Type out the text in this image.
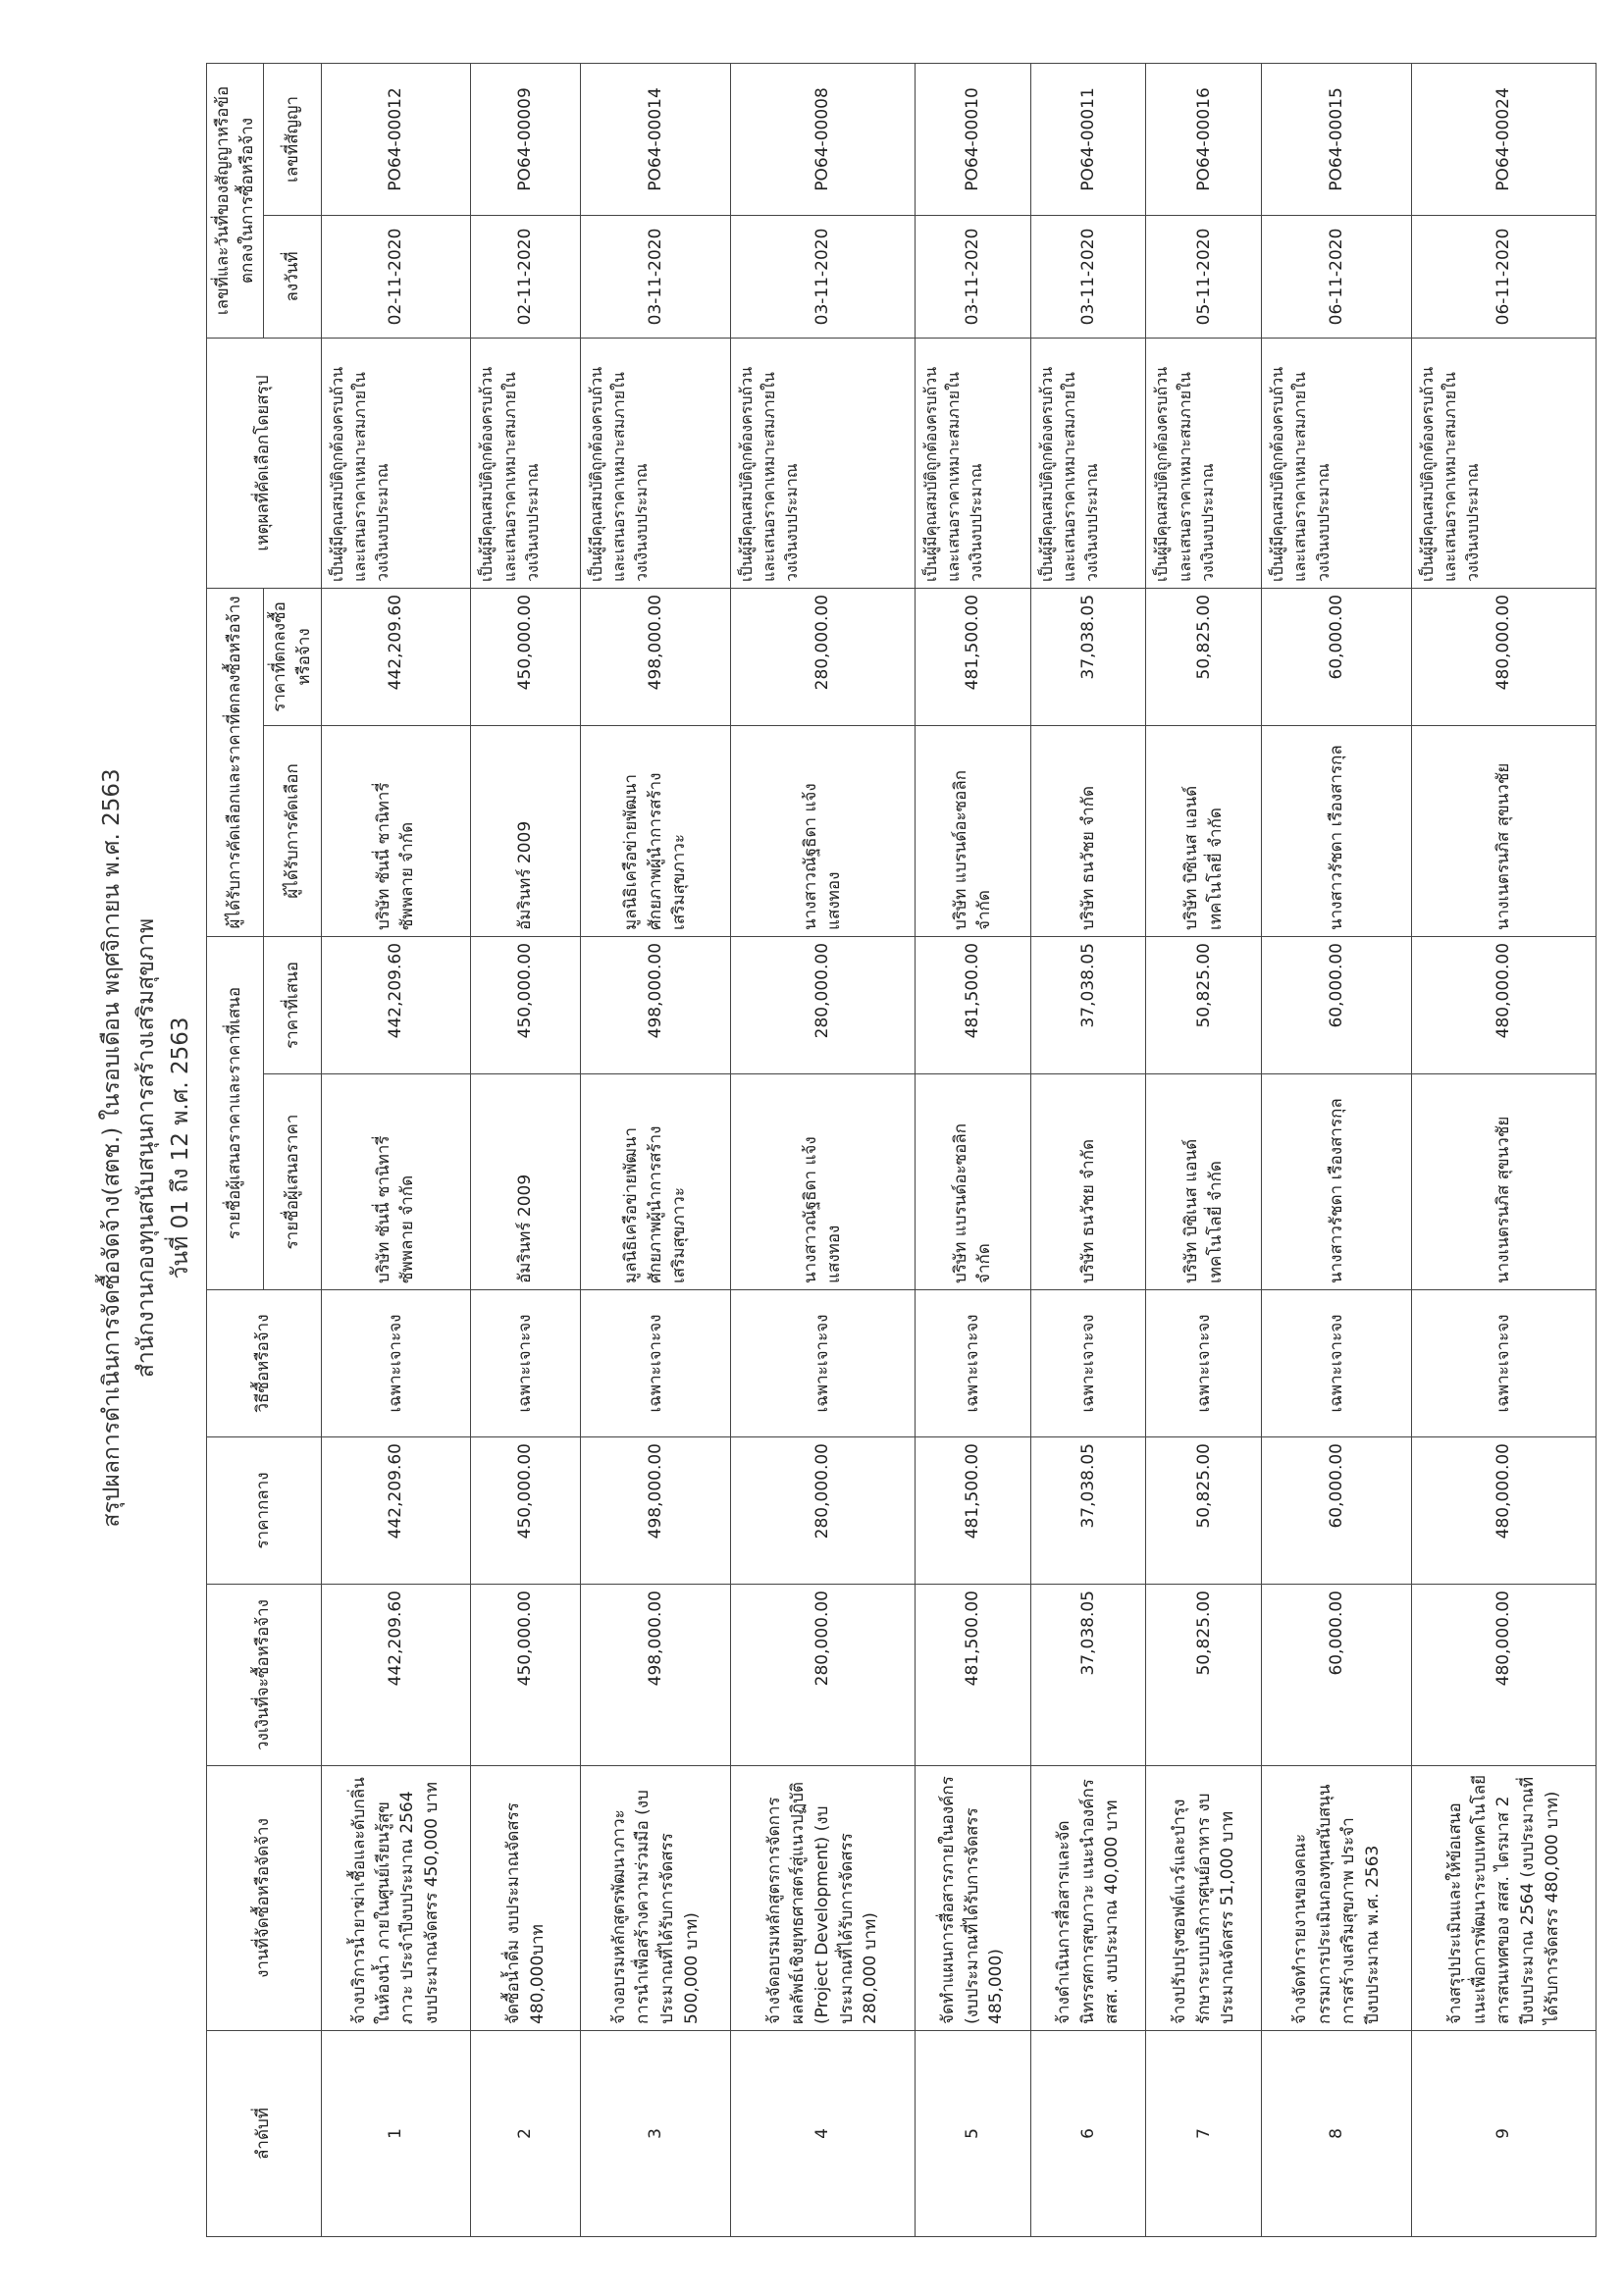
สรุปผลการดำเนินการจัดซื้อจัดจ้าง(สตช.) ในรอบเดือน พฤศจิกายน พ.ศ. 2563 สำนักงานกองทุนสนับสนุนการสร้างเสริมสุขภาพ วันที่ 01 ถึง 12 พ.ศ. 2563
ลำดับที่	งานที่จัดซื้อหรือจัดจ้าง	วงเงินที่จะซื้อหรือจ้าง	ราคากลาง	วิธีซื้อหรือจ้าง	รายชื่อผู้เสนอราคาและราคาที่เสนอ		ผู้ได้รับการคัดเลือกและราคาที่ตกลงซื้อหรือจ้าง		เหตุผลที่คัดเลือกโดยสรุป	เลขที่และวันที่ของสัญญาหรือข้อตกลงในการซื้อหรือจ้าง	
					รายชื่อผู้เสนอราคา	ราคาที่เสนอ	ผู้ได้รับการคัดเลือก	ราคาที่ตกลงซื้อหรือจ้าง		ลงวันที่	เลขที่สัญญา
1	จ้างบริการน้ำยาฆ่าเชื้อและดับกลิ่นในห้องน้ำ ภายในศูนย์เรียนรู้สุขภาวะ ประจำปีงบประมาณ 2564 งบประมาณจัดสรร 450,000 บาท	442,209.60	442,209.60	เฉพาะเจาะจง	บริษัท ซันนี่ ซานิทารี่ ซัพพลาย จำกัด	442,209.60	บริษัท ซันนี่ ซานิทารี่ ซัพพลาย จำกัด	442,209.60	เป็นผู้มีคุณสมบัติถูกต้องครบถ้วน และเสนอราคาเหมาะสมภายในวงเงินงบประมาณ	02-11-2020	PO64-00012
2	จัดซื้อน้ำดื่ม งบประมาณจัดสรร 480,000บาท	450,000.00	450,000.00	เฉพาะเจาะจง	อัมรินทร์ 2009	450,000.00	อัมรินทร์ 2009	450,000.00	เป็นผู้มีคุณสมบัติถูกต้องครบถ้วน และเสนอราคาเหมาะสมภายในวงเงินงบประมาณ	02-11-2020	PO64-00009
3	จ้างอบรมหลักสูตรพัฒนาภาวะการนำเพื่อสร้างความร่วมมือ (งบประมาณที่ได้รับการจัดสรร 500,000 บาท)	498,000.00	498,000.00	เฉพาะเจาะจง	มูลนิธิเครือข่ายพัฒนาศักยภาพผู้นำการสร้างเสริมสุขภาวะ	498,000.00	มูลนิธิเครือข่ายพัฒนาศักยภาพผู้นำการสร้างเสริมสุขภาวะ	498,000.00	เป็นผู้มีคุณสมบัติถูกต้องครบถ้วน และเสนอราคาเหมาะสมภายในวงเงินงบประมาณ	03-11-2020	PO64-00014
4	จ้างจัดอบรมหลักสูตรการจัดการผลลัพธ์เชิงยุทธศาสตร์สู่แนวปฏิบัติ (Project Development) (งบประมาณที่ได้รับการจัดสรร 280,000 บาท)	280,000.00	280,000.00	เฉพาะเจาะจง	นางสาวณัฐธิดา แจ้งแสงทอง	280,000.00	นางสาวณัฐธิดา แจ้งแสงทอง	280,000.00	เป็นผู้มีคุณสมบัติถูกต้องครบถ้วน และเสนอราคาเหมาะสมภายในวงเงินงบประมาณ	03-11-2020	PO64-00008
5	จัดทำแผนการสื่อสารภายในองค์กร (งบประมาณที่ได้รับการจัดสรร 485,000)	481,500.00	481,500.00	เฉพาะเจาะจง	บริษัท แบรนด์อะซอลิก จำกัด	481,500.00	บริษัท แบรนด์อะซอลิก จำกัด	481,500.00	เป็นผู้มีคุณสมบัติถูกต้องครบถ้วน และเสนอราคาเหมาะสมภายในวงเงินงบประมาณ	03-11-2020	PO64-00010
6	จ้างดำเนินการสื่อสารและจัดนิทรรศการสุขภาวะ แนะนำองค์กร สสส. งบประมาณ 40,000 บาท	37,038.05	37,038.05	เฉพาะเจาะจง	บริษัท ธนวัชย จำกัด	37,038.05	บริษัท ธนวัชย จำกัด	37,038.05	เป็นผู้มีคุณสมบัติถูกต้องครบถ้วน และเสนอราคาเหมาะสมภายในวงเงินงบประมาณ	03-11-2020	PO64-00011
7	จ้างปรับปรุงซอฟต์แวร์และบำรุงรักษาระบบบริการศูนย์อาหาร งบประมาณจัดสรร 51,000 บาท	50,825.00	50,825.00	เฉพาะเจาะจง	บริษัท บิซิเนส แอนด์ เทคโนโลยี่ จำกัด	50,825.00	บริษัท บิซิเนส แอนด์ เทคโนโลยี่ จำกัด	50,825.00	เป็นผู้มีคุณสมบัติถูกต้องครบถ้วน และเสนอราคาเหมาะสมภายในวงเงินงบประมาณ	05-11-2020	PO64-00016
8	จ้างจัดทำรายงานของคณะกรรมการประเมินกองทุนสนับสนุนการสร้างเสริมสุขภาพ ประจำปีงบประมาณ พ.ศ. 2563	60,000.00	60,000.00	เฉพาะเจาะจง	นางสาวรัชดา เรืองสารกุล	60,000.00	นางสาวรัชดา เรืองสารกุล	60,000.00	เป็นผู้มีคุณสมบัติถูกต้องครบถ้วน และเสนอราคาเหมาะสมภายในวงเงินงบประมาณ	06-11-2020	PO64-00015
9	จ้างสรุปประเมินและให้ข้อเสนอแนะเพื่อการพัฒนาระบบเทคโนโลยีสารสนเทศของ สสส. ไตรมาส 2 ปีงบประมาณ 2564 (งบประมาณที่ได้รับการจัดสรร 480,000 บาท)	480,000.00	480,000.00	เฉพาะเจาะจง	นางเนตรนภิส สุขนวชัย	480,000.00	นางเนตรนภิส สุขนวชัย	480,000.00	เป็นผู้มีคุณสมบัติถูกต้องครบถ้วน และเสนอราคาเหมาะสมภายในวงเงินงบประมาณ	06-11-2020	PO64-00024
